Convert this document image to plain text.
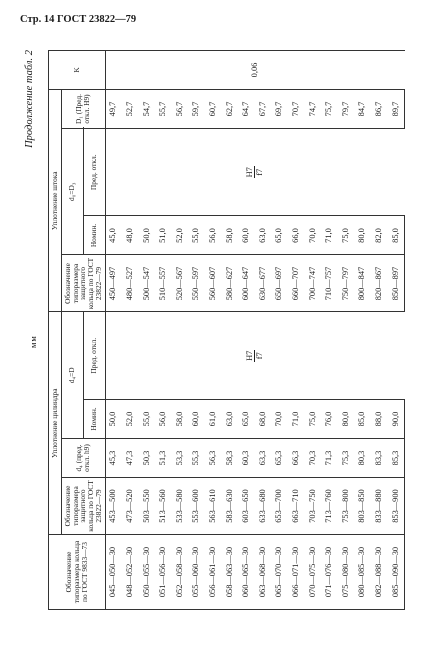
Стр. 14 ГОСТ 23822—79
Продолжение табл. 2
мм
Обозначение типоразмера кольца по ГОСТ 9833—73	Уплотнение цилиндра				Уплотнение штока				K
	Обозначение типоразмера защитного кольца по ГОСТ 23822—79	d₄ (пред. откл. h9)	d₄=D		Обозначение типоразмера защитного кольца по ГОСТ 23822—79	d₀=D₃		D₁ (Пред. откл. H9)	
			Номин.	Пред. откл.		Номин.	Пред. откл.		
045—050—30	453—500	45,3	50,0	H7 f7	450—497	45,0	H7 f7	49,7	0,06
048—052—30	473—520	47,3	52,0		480—527	48,0		52,7	
050—055—30	503—550	50,3	55,0		500—547	50,0		54,7	
051—056—30	513—560	51,3	56,0		510—557	51,0		55,7	
052—058—30	533—580	53,3	58,0		520—567	52,0		56,7	
055—060—30	553—600	55,3	60,0		550—597	55,0		59,7	
056—061—30	563—610	56,3	61,0		560—607	56,0		60,7	
058—063—30	583—630	58,3	63,0		580—627	58,0		62,7	
060—065—30	603—650	60,3	65,0		600—647	60,0		64,7	
063—068—30	633—680	63,3	68,0		630—677	63,0		67,7	
065—070—30	653—700	65,3	70,0		650—697	65,0		69,7	
066—071—30	663—710	66,3	71,0		660—707	66,0		70,7	
070—075—30	703—750	70,3	75,0		700—747	70,0		74,7	
071—076—30	713—760	71,3	76,0		710—757	71,0		75,7	
075—080—30	753—800	75,3	80,0		750—797	75,0		79,7	
080—085—30	803—850	80,3	85,0		800—847	80,0		84,7	
082—088—30	833—880	83,3	88,0		820—867	82,0		86,7	
085—090—30	853—900	85,3	90,0		850—897	85,0		89,7	
